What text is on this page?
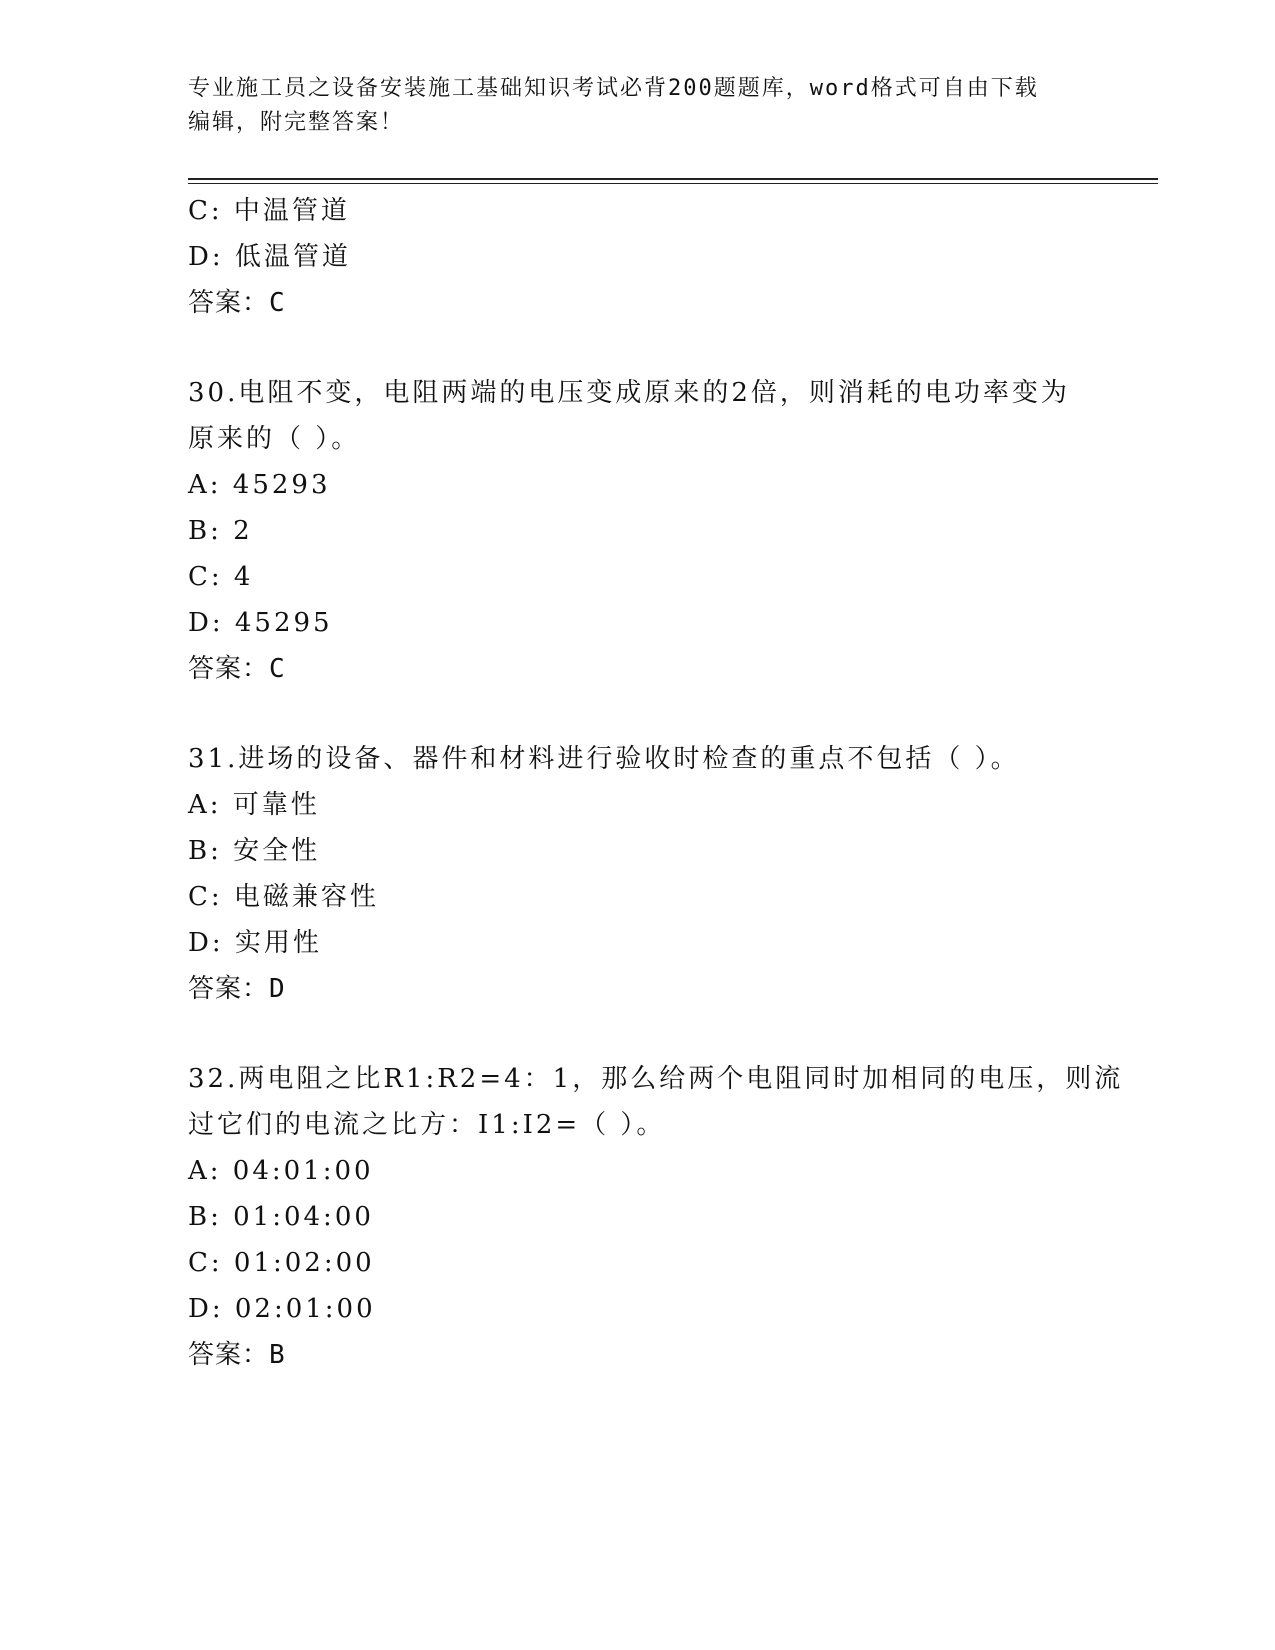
专业施工员之设备安装施工基础知识考试必背200题题库，word格式可自由下载
编辑，附完整答案！
C: 中温管道
D: 低温管道
答案：C
30.电阻不变，电阻两端的电压变成原来的2倍，则消耗的电功率变为
原来的（ ）。
A: 45293
B: 2
C: 4
D: 45295
答案：C
31.进场的设备、器件和材料进行验收时检查的重点不包括（ ）。
A: 可靠性
B: 安全性
C: 电磁兼容性
D: 实用性
答案：D
32.两电阻之比R1:R2=4：1，那么给两个电阻同时加相同的电压，则流
过它们的电流之比方：I1:I2=（ ）。
A: 04:01:00
B: 01:04:00
C: 01:02:00
D: 02:01:00
答案：B
